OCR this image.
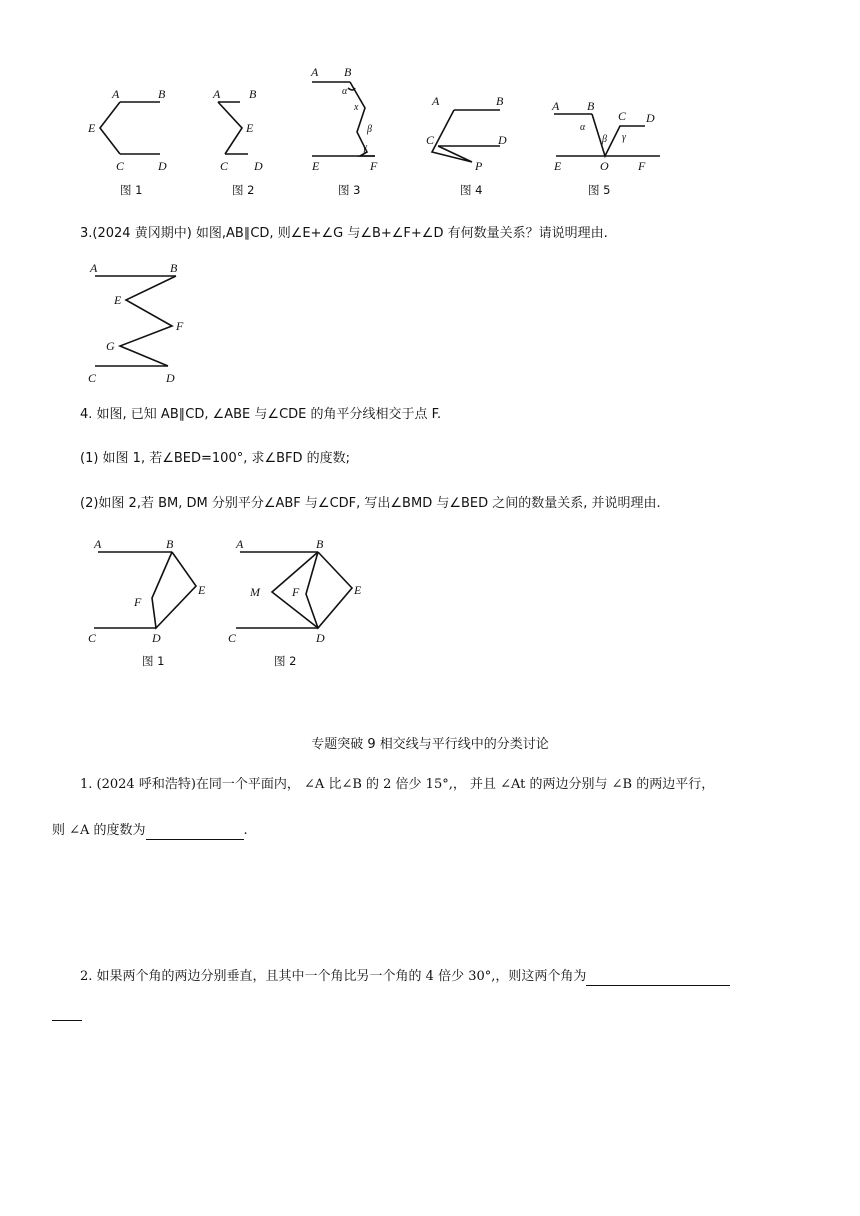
A	B
E
C	D
图 1
A B
E
C D
图 2
A B
α
x
β
γ
E	F
图 3
A	B
C	D
P
图 4
A B
α
β
C
γ
D
E	O F
图 5
3.(2024 黄冈期中) 如图,AB∥CD, 则∠E+∠G 与∠B+∠F+∠D 有何数量关系？请说明理由.
A	B
E
F
G
C	D
4. 如图, 已知 AB∥CD, ∠ABE 与∠CDE 的角平分线相交于点 F.
(1) 如图 1, 若∠BED=100°, 求∠BFD 的度数;
(2)如图 2,若 BM, DM 分别平分∠ABF 与∠CDF, 写出∠BMD 与∠BED 之间的数量关系, 并说明理由.
A	B
F
E
C	D
图 1
A	B
M	F	E
C	D
图 2
专题突破 9 相交线与平行线中的分类讨论
1. (2024 呼和浩特)在同一个平面内， ∠A 比∠B 的 2 倍少 15°,， 并且 ∠At 的两边分别与 ∠B 的两边平行，
则 ∠A 的度数为	.
2. 如果两个角的两边分别垂直，且其中一个角比另一个角的 4 倍少 30°,，则这两个角为
